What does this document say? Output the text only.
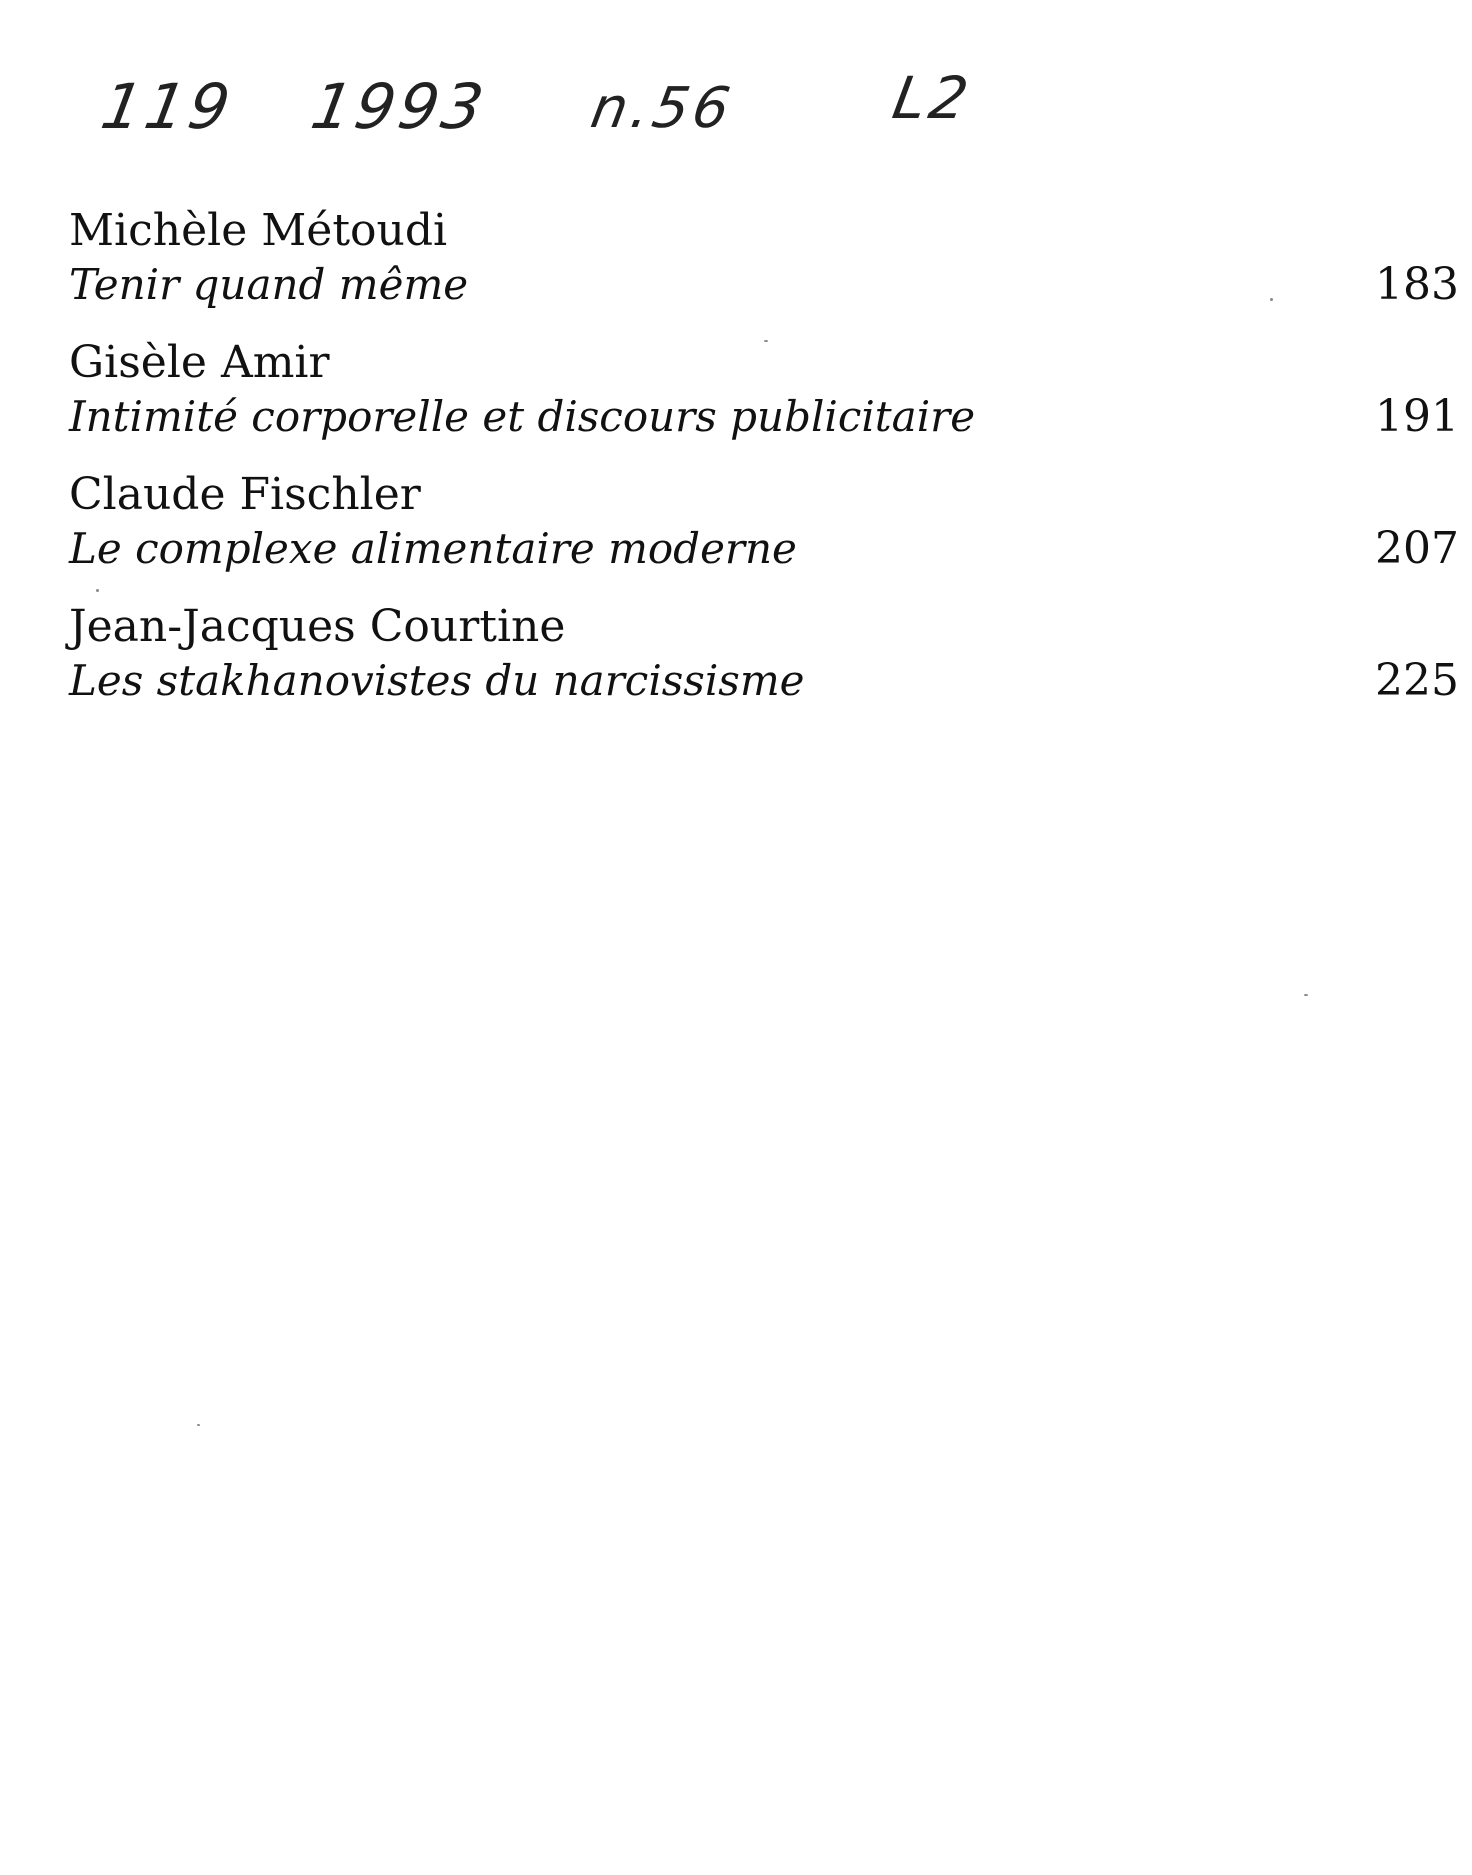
119 1993 n.56	L2
Michèle Métoudi
Tenir quand même	183
Gisèle Amir
Intimité corporelle et discours publicitaire	191
Claude Fischler
Le complexe alimentaire moderne	207
Jean-Jacques Courtine
Les stakhanovistes du narcissisme	225
